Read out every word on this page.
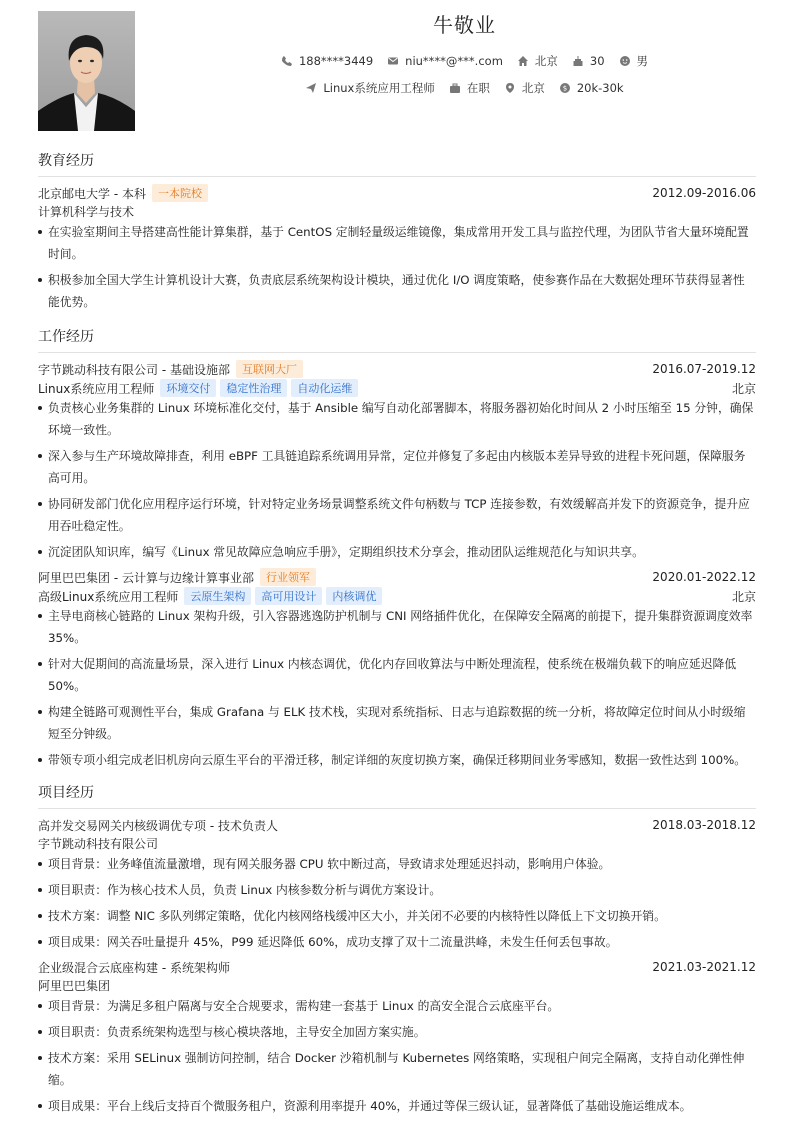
牛敬业
188****3449	niu****@***.com	北京	30	男
Linux系统应用工程师	在职	北京	$ 20k-30k
教育经历
北京邮电大学 - 本科	一本院校	2012.09-2016.06
计算机科学与技术
在实验室期间主导搭建高性能计算集群，基于 CentOS 定制轻量级运维镜像，集成常用开发工具与监控代理，为团队节省大量环境配置时间。
积极参加全国大学生计算机设计大赛，负责底层系统架构设计模块，通过优化 I/O 调度策略，使参赛作品在大数据处理环节获得显著性能优势。
工作经历
字节跳动科技有限公司 - 基础设施部	互联网大厂	2016.07-2019.12
Linux系统应用工程师	环境交付	稳定性治理	自动化运维	北京
负责核心业务集群的 Linux 环境标准化交付，基于 Ansible 编写自动化部署脚本，将服务器初始化时间从 2 小时压缩至 15 分钟，确保环境一致性。
深入参与生产环境故障排查，利用 eBPF 工具链追踪系统调用异常，定位并修复了多起由内核版本差异导致的进程卡死问题，保障服务高可用。
协同研发部门优化应用程序运行环境，针对特定业务场景调整系统文件句柄数与 TCP 连接参数，有效缓解高并发下的资源竞争，提升应用吞吐稳定性。
沉淀团队知识库，编写《Linux 常见故障应急响应手册》，定期组织技术分享会，推动团队运维规范化与知识共享。
阿里巴巴集团 - 云计算与边缘计算事业部	行业领军	2020.01-2022.12
高级Linux系统应用工程师	云原生架构	高可用设计	内核调优	北京
主导电商核心链路的 Linux 架构升级，引入容器逃逸防护机制与 CNI 网络插件优化，在保障安全隔离的前提下，提升集群资源调度效率 35%。
针对大促期间的高流量场景，深入进行 Linux 内核态调优，优化内存回收算法与中断处理流程，使系统在极端负载下的响应延迟降低 50%。
构建全链路可观测性平台，集成 Grafana 与 ELK 技术栈，实现对系统指标、日志与追踪数据的统一分析，将故障定位时间从小时级缩短至分钟级。
带领专项小组完成老旧机房向云原生平台的平滑迁移，制定详细的灰度切换方案，确保迁移期间业务零感知，数据一致性达到 100%。
项目经历
高并发交易网关内核级调优专项 - 技术负责人	2018.03-2018.12
字节跳动科技有限公司
项目背景：业务峰值流量激增，现有网关服务器 CPU 软中断过高，导致请求处理延迟抖动，影响用户体验。
项目职责：作为核心技术人员，负责 Linux 内核参数分析与调优方案设计。
技术方案：调整 NIC 多队列绑定策略，优化内核网络栈缓冲区大小，并关闭不必要的内核特性以降低上下文切换开销。
项目成果：网关吞吐量提升 45%，P99 延迟降低 60%，成功支撑了双十二流量洪峰，未发生任何丢包事故。
企业级混合云底座构建 - 系统架构师	2021.03-2021.12
阿里巴巴集团
项目背景：为满足多租户隔离与安全合规要求，需构建一套基于 Linux 的高安全混合云底座平台。
项目职责：负责系统架构选型与核心模块落地，主导安全加固方案实施。
技术方案：采用 SELinux 强制访问控制，结合 Docker 沙箱机制与 Kubernetes 网络策略，实现租户间完全隔离，支持自动化弹性伸缩。
项目成果：平台上线后支持百个微服务租户，资源利用率提升 40%，并通过等保三级认证，显著降低了基础设施运维成本。
